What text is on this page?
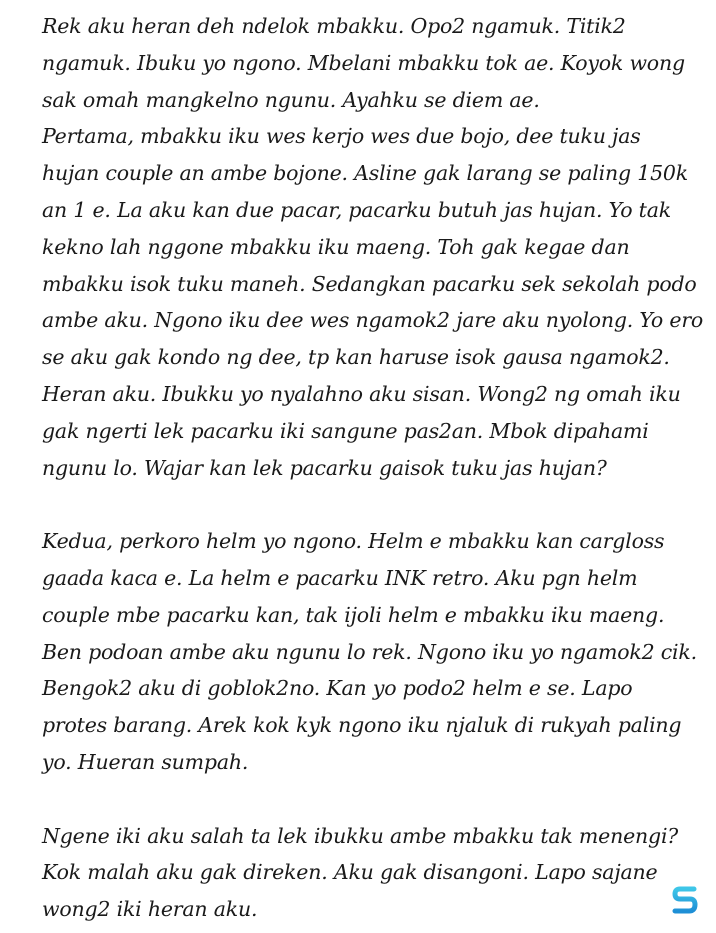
Rek aku heran deh ndelok mbakku. Opo2 ngamuk. Titik2
ngamuk. Ibuku yo ngono. Mbelani mbakku tok ae. Koyok wong
sak omah mangkelno ngunu. Ayahku se diem ae.
Pertama, mbakku iku wes kerjo wes due bojo, dee tuku jas
hujan couple an ambe bojone. Asline gak larang se paling 150k
an 1 e. La aku kan due pacar, pacarku butuh jas hujan. Yo tak
kekno lah nggone mbakku iku maeng. Toh gak kegae dan
mbakku isok tuku maneh. Sedangkan pacarku sek sekolah podo
ambe aku. Ngono iku dee wes ngamok2 jare aku nyolong. Yo ero
se aku gak kondo ng dee, tp kan haruse isok gausa ngamok2.
Heran aku. Ibukku yo nyalahno aku sisan. Wong2 ng omah iku
gak ngerti lek pacarku iki sangune pas2an. Mbok dipahami
ngunu lo. Wajar kan lek pacarku gaisok tuku jas hujan?
Kedua, perkoro helm yo ngono. Helm e mbakku kan cargloss
gaada kaca e. La helm e pacarku INK retro. Aku pgn helm
couple mbe pacarku kan, tak ijoli helm e mbakku iku maeng.
Ben podoan ambe aku ngunu lo rek. Ngono iku yo ngamok2 cik.
Bengok2 aku di goblok2no. Kan yo podo2 helm e se. Lapo
protes barang. Arek kok kyk ngono iku njaluk di rukyah paling
yo. Hueran sumpah.
Ngene iki aku salah ta lek ibukku ambe mbakku tak menengi?
Kok malah aku gak direken. Aku gak disangoni. Lapo sajane
wong2 iki heran aku.
